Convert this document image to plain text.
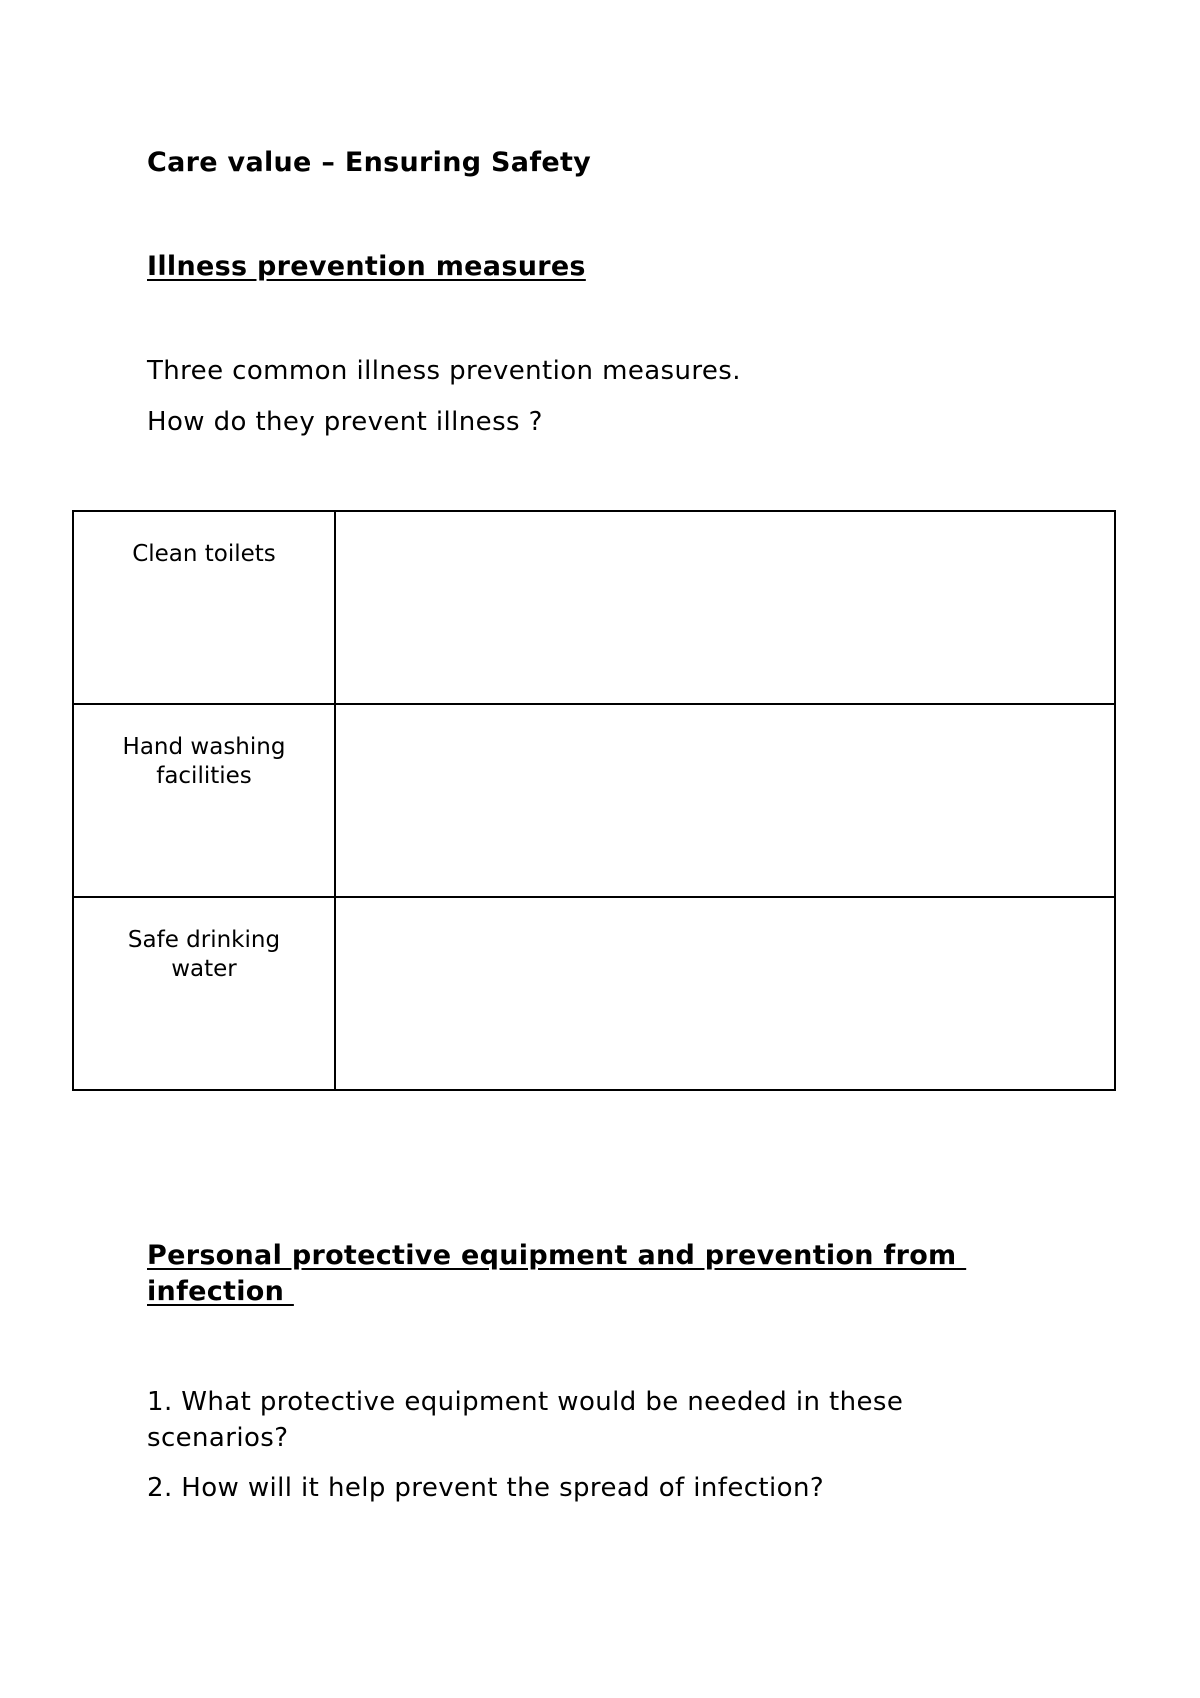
Care value – Ensuring Safety
Illness prevention measures
Three common illness prevention measures.
How do they prevent illness ?
Clean toilets	
Hand washing facilities	
Safe drinking water	
Personal protective equipment and prevention from infection
1. What protective equipment would be needed in these scenarios?
2. How will it help prevent the spread of infection?
